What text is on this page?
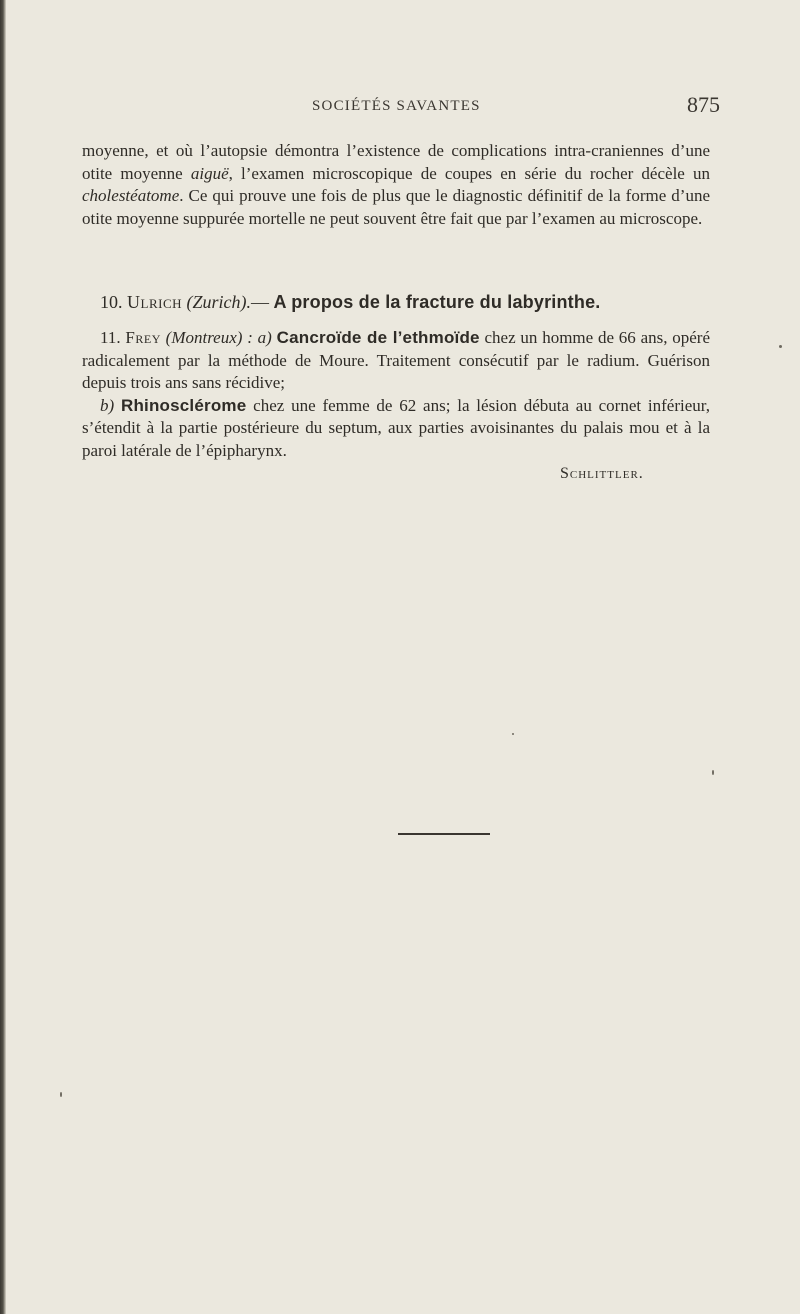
SOCIÉTÉS SAVANTES	875

moyenne, et où l’autopsie démontra l’existence de complications intra-craniennes d’une otite moyenne aiguë, l’examen microscopique de coupes en série du rocher décèle un cholestéatome. Ce qui prouve une fois de plus que le diagnostic définitif de la forme d’une otite moyenne suppurée mortelle ne peut souvent être fait que par l’examen au microscope.

10. Ulrich (Zurich).— A propos de la fracture du labyrinthe.
11. Frey (Montreux) : a) Cancroïde de l’ethmoïde chez un homme de 66 ans, opéré radicalement par la méthode de Moure. Traitement consécutif par le radium. Guérison depuis trois ans sans récidive;
b) Rhinosclérome chez une femme de 62 ans; la lésion débuta au cornet inférieur, s’étendit à la partie postérieure du septum, aux parties avoisinantes du palais mou et à la paroi latérale de l’épipharynx.
Schlittler.
